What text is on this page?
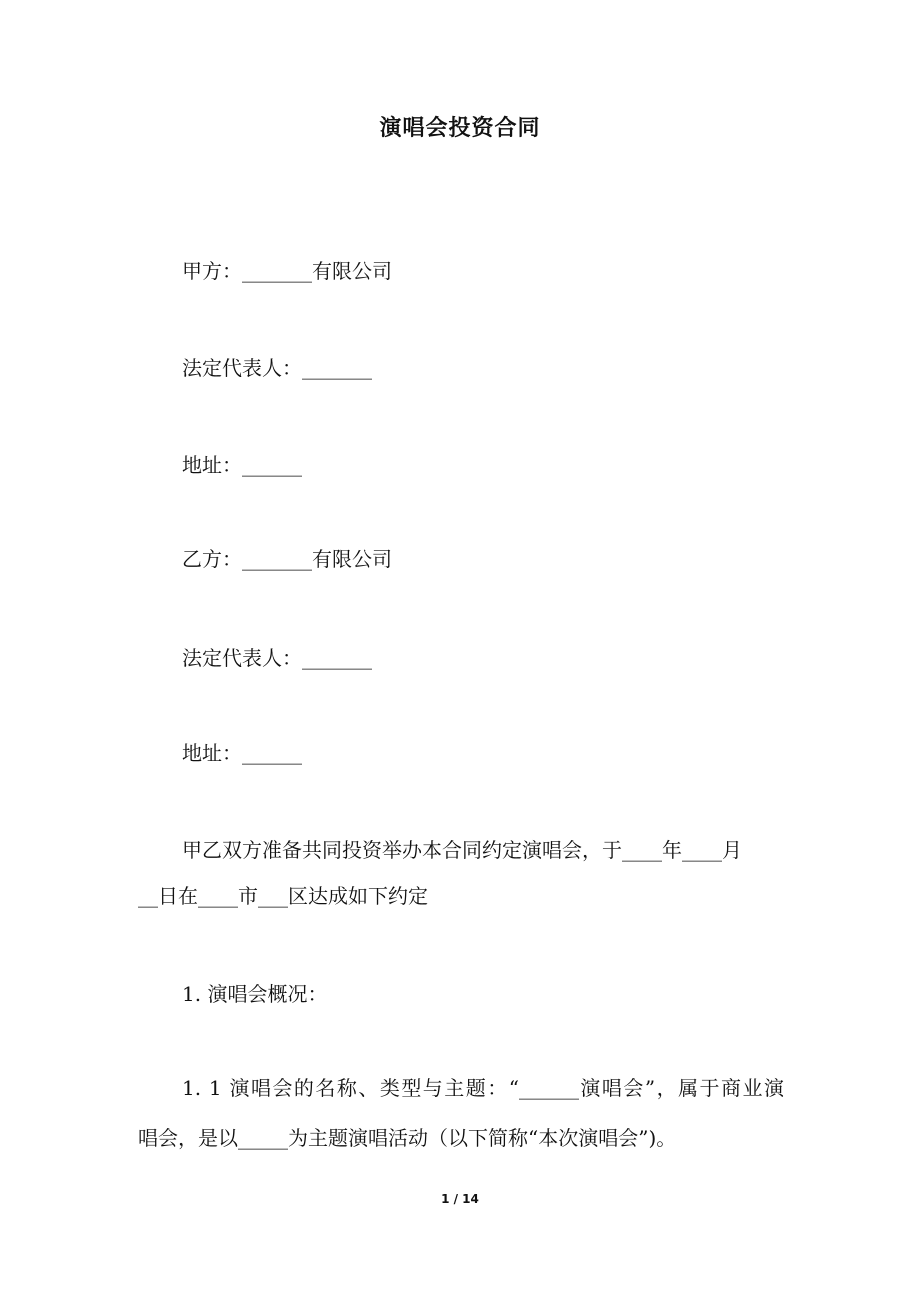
演唱会投资合同
甲方：_______有限公司
法定代表人：_______
地址：______
乙方：_______有限公司
法定代表人：_______
地址：______
甲乙双方准备共同投资举办本合同约定演唱会，于____年____月
__日在____市___区达成如下约定
1. 演唱会概况：
1. 1 演唱会的名称、类型与主题：“______演唱会”，属于商业演
唱会，是以_____为主题演唱活动（以下简称“本次演唱会”)。
1 / 14
